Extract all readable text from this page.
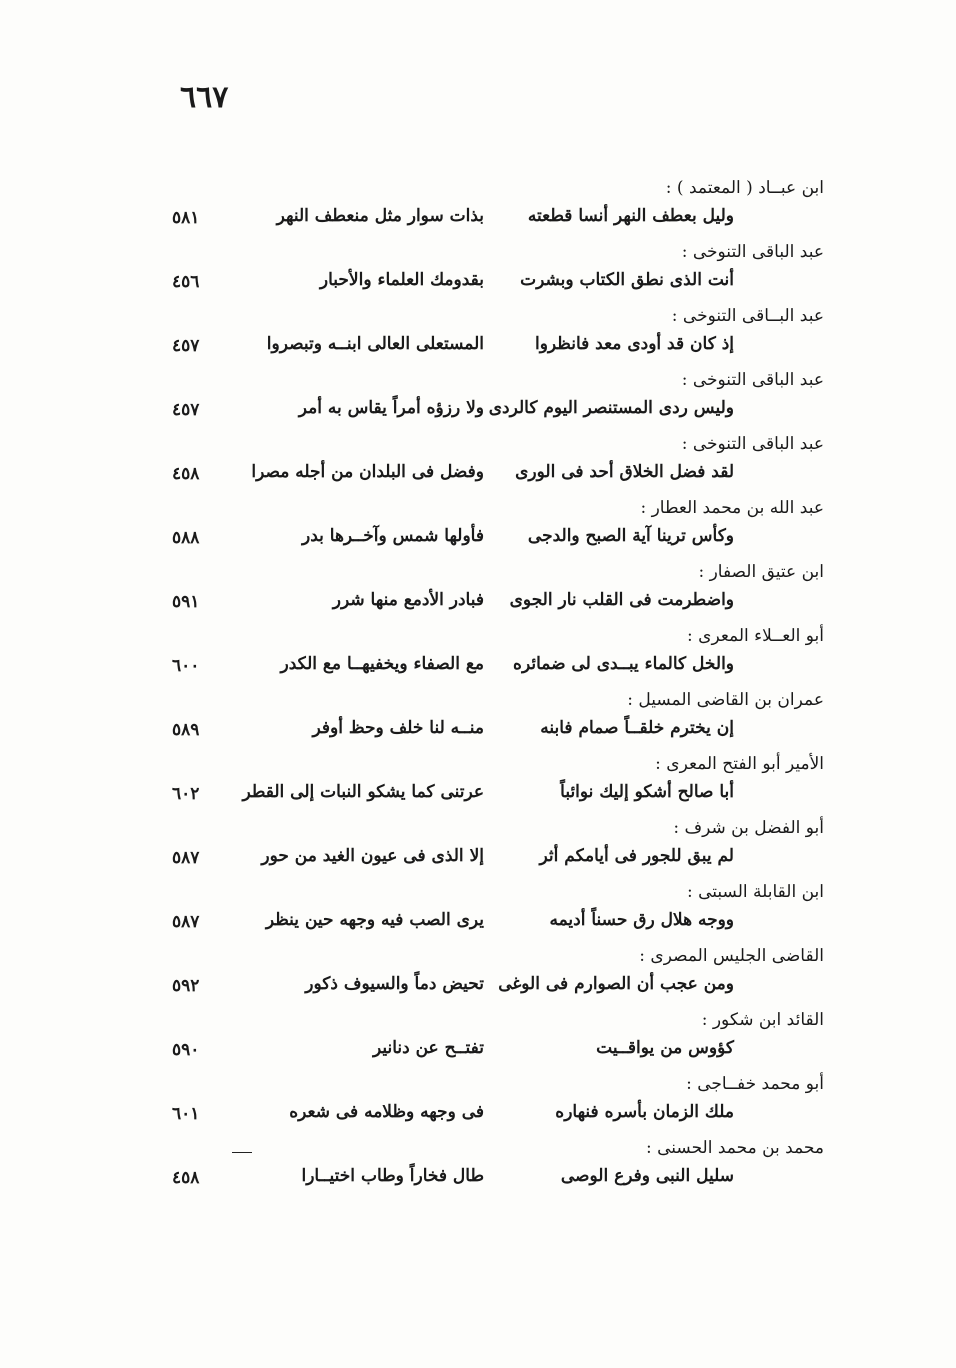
٦٦٧
ابن عبــاد ( المعتمد ) :
وليل بعطف النهر أنسا قطعته
بذات سوار مثل منعطف النهر
٥٨١
عبد الباقى التنوخى :
أنت الذى نطق الكتاب وبشرت
بقدومك العلماء والأحبار
٤٥٦
عبد البــاقى التنوخى :
إذ كان قد أودى معد فانظروا
المستعلى العالى ابنــه وتبصروا
٤٥٧
عبد الباقى التنوخى :
وليس ردى المستنصر اليوم كالردى
ولا رزؤه أمراً يقاس به أمر
٤٥٧
عبد الباقى التنوخى :
لقد فضل الخلاق أحد فى الورى
وفضل فى البلدان من أجله مصرا
٤٥٨
عبد الله بن محمد العطار :
وكأس ترينا آية الصبح والدجى
فأولها شمس وآخــرها بدر
٥٨٨
ابن عتيق الصفار :
واضطرمت فى القلب نار الجوى
فبادر الأدمع منها شرر
٥٩١
أبو العــلاء المعرى :
والخل كالماء يبــدى لى ضمائره
مع الصفاء ويخفيهــا مع الكدر
٦٠٠
عمران بن القاضى المسيل :
إن يخترم خلقــاً صمام فابنه
منــه لنا خلف وحظ أوفر
٥٨٩
الأمير أبو الفتح المعرى :
أبا صالح أشكو إليك نوائباً
عرتنى كما يشكو النبات إلى القطر
٦٠٢
أبو الفضل بن شرف :
لم يبق للجور فى أيامكم أثر
إلا الذى فى عيون الغيد من حور
٥٨٧
ابن القابلة السبتى :
ووجه هلال رق حسناً أديمه
يرى الصب فيه وجهه حين ينظر
٥٨٧
القاضى الجليس المصرى :
ومن عجب أن الصوارم فى الوغى
تحيض دماً والسيوف ذكور
٥٩٢
القائد ابن شكور :
كؤوس من يواقــيت
تفتــح عن دنانير
٥٩٠
أبو محمد خفــاجى :
ملك الزمان بأسره فنهاره
فى وجهه وظلامه فى شعره
٦٠١
محمد بن محمد الحسنى :
سليل النبى وفرع الوصى
طال فخاراً وطاب اختيــارا
٤٥٨
